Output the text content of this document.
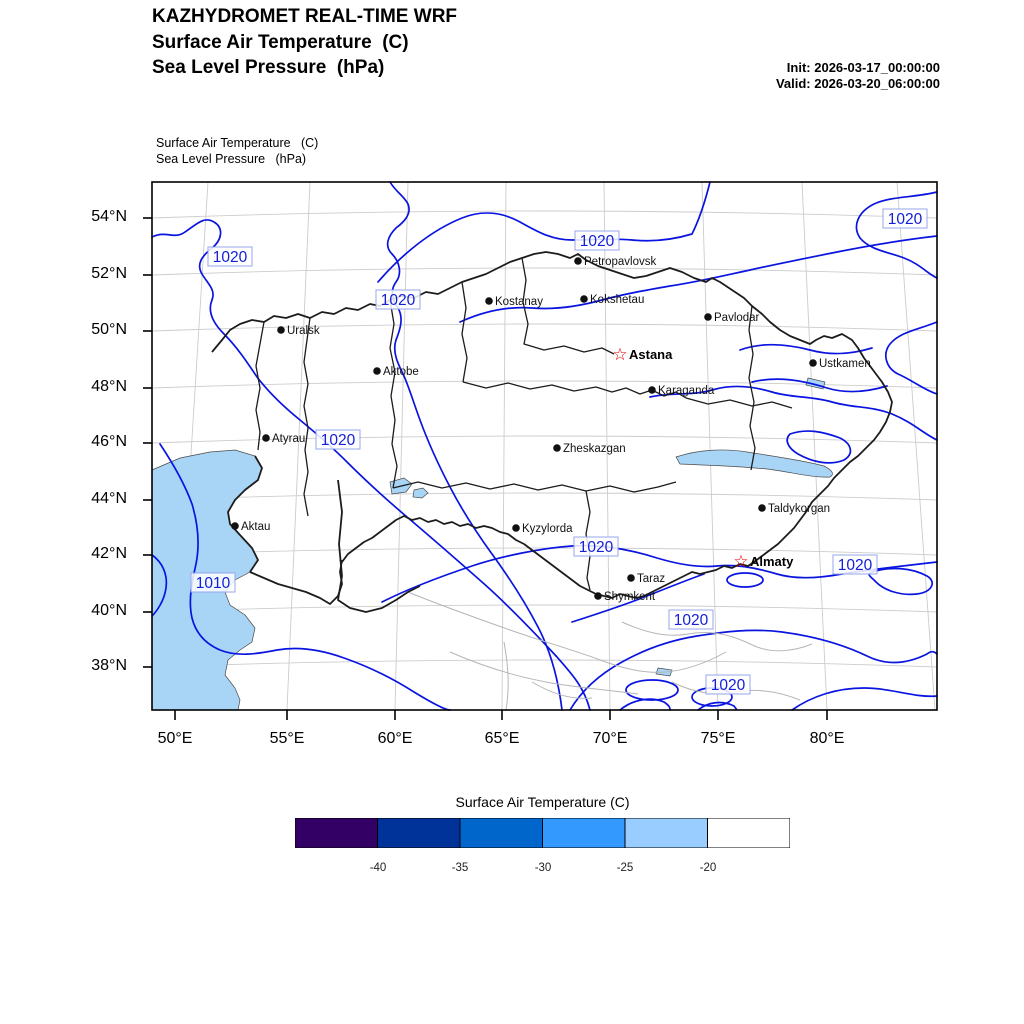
KAZHYDROMET REAL-TIME WRF
Surface Air Temperature  (C)
Sea Level Pressure  (hPa)	Init: 2026-03-17_00:00:00
Valid: 2026-03-20_06:00:00
Surface Air Temperature   (C)
Sea Level Pressure   (hPa)
54°N
52°N
50°N
48°N
46°N
44°N
42°N
40°N
38°N
50°E	55°E	60°E	65°E	70°E	75°E	80°E
1020
1020
1020
1020
1020
1010
1020
1020
1020
1020
Uralsk
Aktobe
Atyrau
Aktau
Kostanay
Petropavlovsk
Kokshetau
Pavlodar
Karaganda
Zheskazgan
Kyzylorda
Taraz
Shymkent
Taldykorgan
Ustkamen
☆ Astana
☆ Almaty
Surface Air Temperature (C)
-40	-35	-30	-25	-20
